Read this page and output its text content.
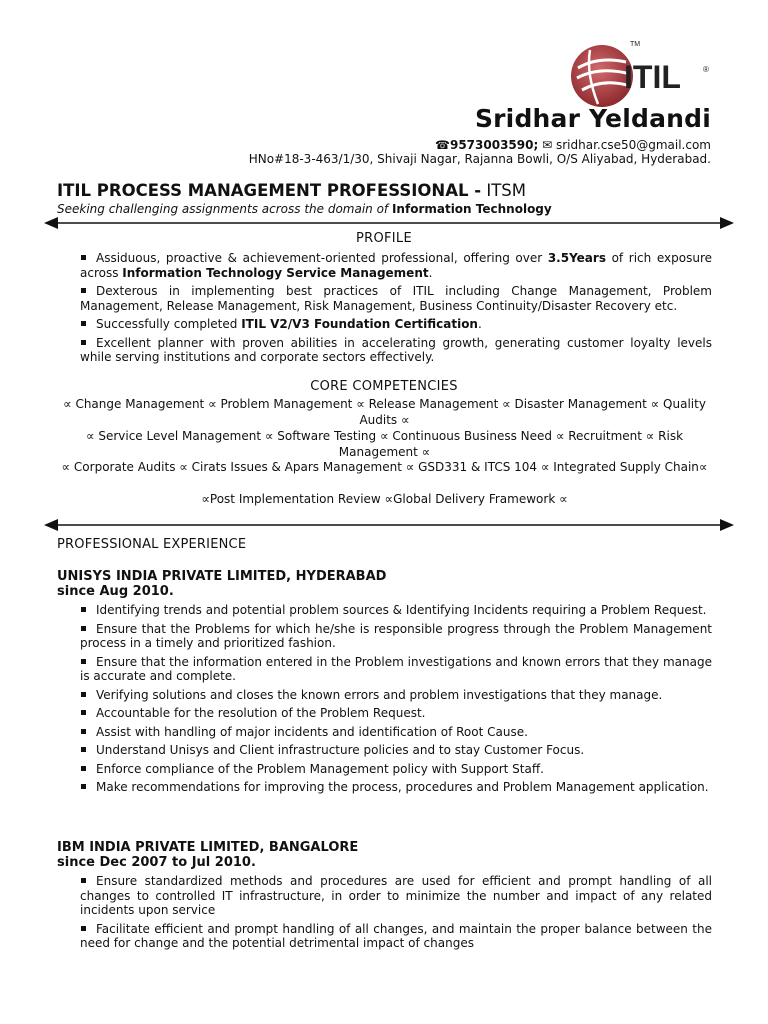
ITIL
TM
®
Sridhar Yeldandi
☎9573003590; ✉ sridhar.cse50@gmail.com
HNo#18-3-463/1/30, Shivaji Nagar, Rajanna Bowli, O/S Aliyabad, Hyderabad.
ITIL PROCESS MANAGEMENT PROFESSIONAL - ITSM
Seeking challenging assignments across the domain of Information Technology
PROFILE
Assiduous, proactive & achievement-oriented professional, offering over 3.5Years of rich exposure across Information Technology Service Management.
Dexterous in implementing best practices of ITIL including Change Management, Problem Management, Release Management, Risk Management, Business Continuity/Disaster Recovery etc.
Successfully completed ITIL V2/V3 Foundation Certification.
Excellent planner with proven abilities in accelerating growth, generating customer loyalty levels while serving institutions and corporate sectors effectively.
CORE COMPETENCIES
∝ Change Management ∝ Problem Management ∝ Release Management ∝ Disaster Management ∝ Quality Audits ∝
∝ Service Level Management ∝ Software Testing ∝ Continuous Business Need ∝ Recruitment ∝ Risk Management ∝
∝ Corporate Audits ∝ Cirats Issues & Apars Management ∝ GSD331 & ITCS 104 ∝ Integrated Supply Chain∝
∝Post Implementation Review ∝Global Delivery Framework ∝
PROFESSIONAL EXPERIENCE
UNISYS INDIA PRIVATE LIMITED, HYDERABAD
since Aug 2010.
Identifying trends and potential problem sources & Identifying Incidents requiring a Problem Request.
Ensure that the Problems for which he/she is responsible progress through the Problem Management process in a timely and prioritized fashion.
Ensure that the information entered in the Problem investigations and known errors that they manage is accurate and complete.
Verifying solutions and closes the known errors and problem investigations that they manage.
Accountable for the resolution of the Problem Request.
Assist with handling of major incidents and identification of Root Cause.
Understand Unisys and Client infrastructure policies and to stay Customer Focus.
Enforce compliance of the Problem Management policy with Support Staff.
Make recommendations for improving the process, procedures and Problem Management application.
IBM INDIA PRIVATE LIMITED, BANGALORE
since Dec 2007 to Jul 2010.
Ensure standardized methods and procedures are used for efficient and prompt handling of all changes to controlled IT infrastructure, in order to minimize the number and impact of any related incidents upon service
Facilitate efficient and prompt handling of all changes, and maintain the proper balance between the need for change and the potential detrimental impact of changes
